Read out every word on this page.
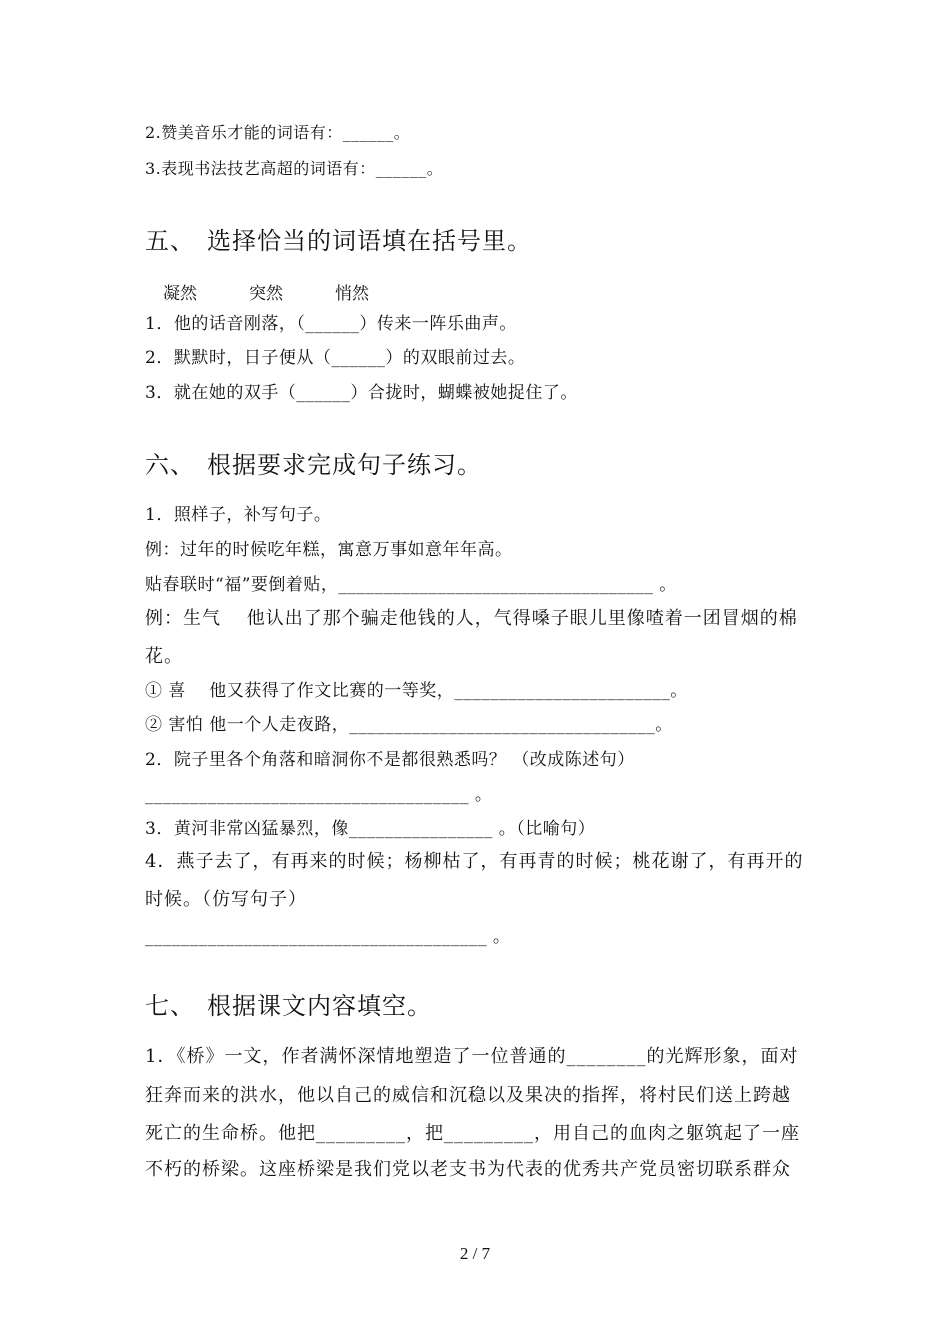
2.赞美音乐才能的词语有：______。
3.表现书法技艺高超的词语有：______。
五、 选择恰当的词语填在括号里。
凝然	突然	悄然
1．他的话音刚落，（______）传来一阵乐曲声。
2．默默时，日子便从（______）的双眼前过去。
3．就在她的双手（______）合拢时，蝴蝶被她捉住了。
六、 根据要求完成句子练习。
1．照样子，补写句子。
例：过年的时候吃年糕，寓意万事如意年年高。
贴春联时“福”要倒着贴，___________________________________ 。
例：生气　 他认出了那个骗走他钱的人，气得嗓子眼儿里像喳着一团冒烟的棉
花。
① 喜　 他又获得了作文比赛的一等奖，________________________。
② 害怕 他一个人走夜路，__________________________________。
2．院子里各个角落和暗洞你不是都很熟悉吗？ （改成陈述句）
____________________________________ 。
3．黄河非常凶猛暴烈，像________________ 。（比喻句）
4．燕子去了，有再来的时候；杨柳枯了，有再青的时候；桃花谢了，有再开的
时候。（仿写句子）
______________________________________ 。
七、 根据课文内容填空。
1．《桥》一文，作者满怀深情地塑造了一位普通的________的光辉形象，面对
狂奔而来的洪水，他以自己的威信和沉稳以及果决的指挥，将村民们送上跨越
死亡的生命桥。他把_________，把_________，用自己的血肉之躯筑起了一座
不朽的桥梁。这座桥梁是我们党以老支书为代表的优秀共产党员密切联系群众
2 / 7
